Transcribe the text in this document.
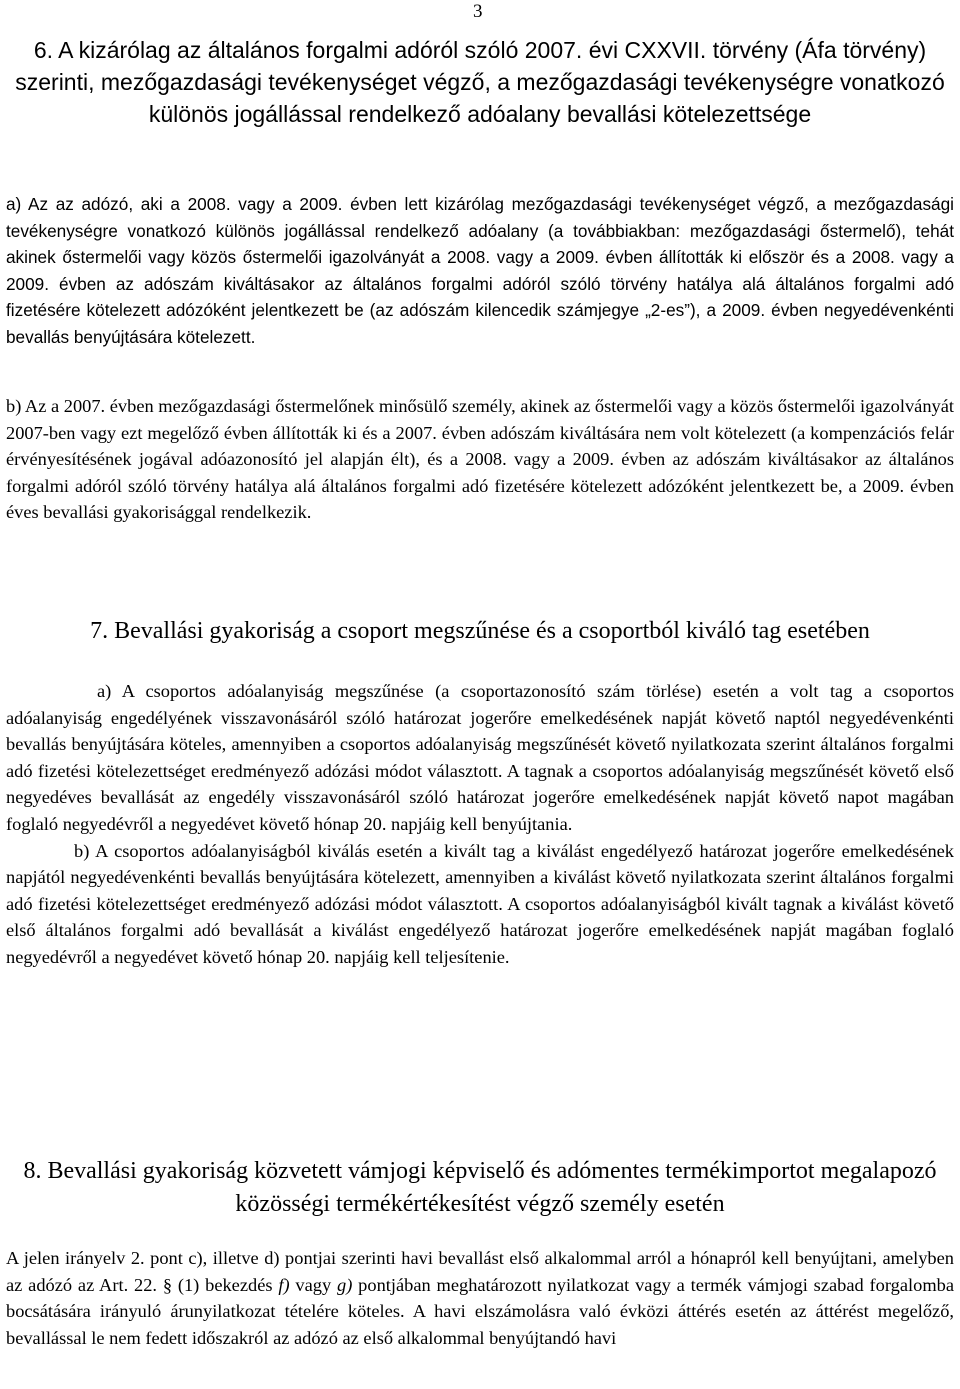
3
6. A kizárólag az általános forgalmi adóról szóló 2007. évi CXXVII. törvény (Áfa törvény) szerinti, mezőgazdasági tevékenységet végző, a mezőgazdasági tevékenységre vonatkozó különös jogállással rendelkező adóalany bevallási kötelezettsége

a) Az az adózó, aki a 2008. vagy a 2009. évben lett kizárólag mezőgazdasági tevékenységet végző, a mezőgazdasági tevékenységre vonatkozó különös jogállással rendelkező adóalany (a továbbiakban: mezőgazdasági őstermelő), tehát akinek őstermelői vagy közös őstermelői igazolványát a 2008. vagy a 2009. évben állították ki először és a 2008. vagy a 2009. évben az adószám kiváltásakor az általános forgalmi adóról szóló törvény hatálya alá általános forgalmi adó fizetésére kötelezett adózóként jelentkezett be (az adószám kilencedik számjegye „2-es”), a 2009. évben negyedévenkénti bevallás benyújtására kötelezett.

b) Az a 2007. évben mezőgazdasági őstermelőnek minősülő személy, akinek az őstermelői vagy a közös őstermelői igazolványát 2007-ben vagy ezt megelőző évben állították ki és a 2007. évben adószám kiváltására nem volt kötelezett (a kompenzációs felár érvényesítésének jogával adóazonosító jel alapján élt), és a 2008. vagy a 2009. évben az adószám kiváltásakor az általános forgalmi adóról szóló törvény hatálya alá általános forgalmi adó fizetésére kötelezett adózóként jelentkezett be, a 2009. évben éves bevallási gyakorisággal rendelkezik.

7. Bevallási gyakoriság a csoport megszűnése és a csoportból kiváló tag esetében

a) A csoportos adóalanyiság megszűnése (a csoportazonosító szám törlése) esetén a volt tag a csoportos adóalanyiság engedélyének visszavonásáról szóló határozat jogerőre emelkedésének napját követő naptól negyedévenkénti bevallás benyújtására köteles, amennyiben a csoportos adóalanyiság megszűnését követő nyilatkozata szerint általános forgalmi adó fizetési kötelezettséget eredményező adózási módot választott. A tagnak a csoportos adóalanyiság megszűnését követő első negyedéves bevallását az engedély visszavonásáról szóló határozat jogerőre emelkedésének napját követő napot magában foglaló negyedévről a negyedévet követő hónap 20. napjáig kell benyújtania.

b) A csoportos adóalanyiságból kiválás esetén a kivált tag a kiválást engedélyező határozat jogerőre emelkedésének napjától negyedévenkénti bevallás benyújtására kötelezett, amennyiben a kiválást követő nyilatkozata szerint általános forgalmi adó fizetési kötelezettséget eredményező adózási módot választott. A csoportos adóalanyiságból kivált tagnak a kiválást követő első általános forgalmi adó bevallását a kiválást engedélyező határozat jogerőre emelkedésének napját magában foglaló negyedévről a negyedévet követő hónap 20. napjáig kell teljesítenie.

8. Bevallási gyakoriság közvetett vámjogi képviselő és adómentes termékimportot megalapozó közösségi termékértékesítést végző személy esetén

A jelen irányelv 2. pont c), illetve d) pontjai szerinti havi bevallást első alkalommal arról a hónapról kell benyújtani, amelyben az adózó az Art. 22. § (1) bekezdés f) vagy g) pontjában meghatározott nyilatkozat vagy a termék vámjogi szabad forgalomba bocsátására irányuló árunyilatkozat tételére köteles. A havi elszámolásra való évközi áttérés esetén az áttérést megelőző, bevallással le nem fedett időszakról az adózó az első alkalommal benyújtandó havi
